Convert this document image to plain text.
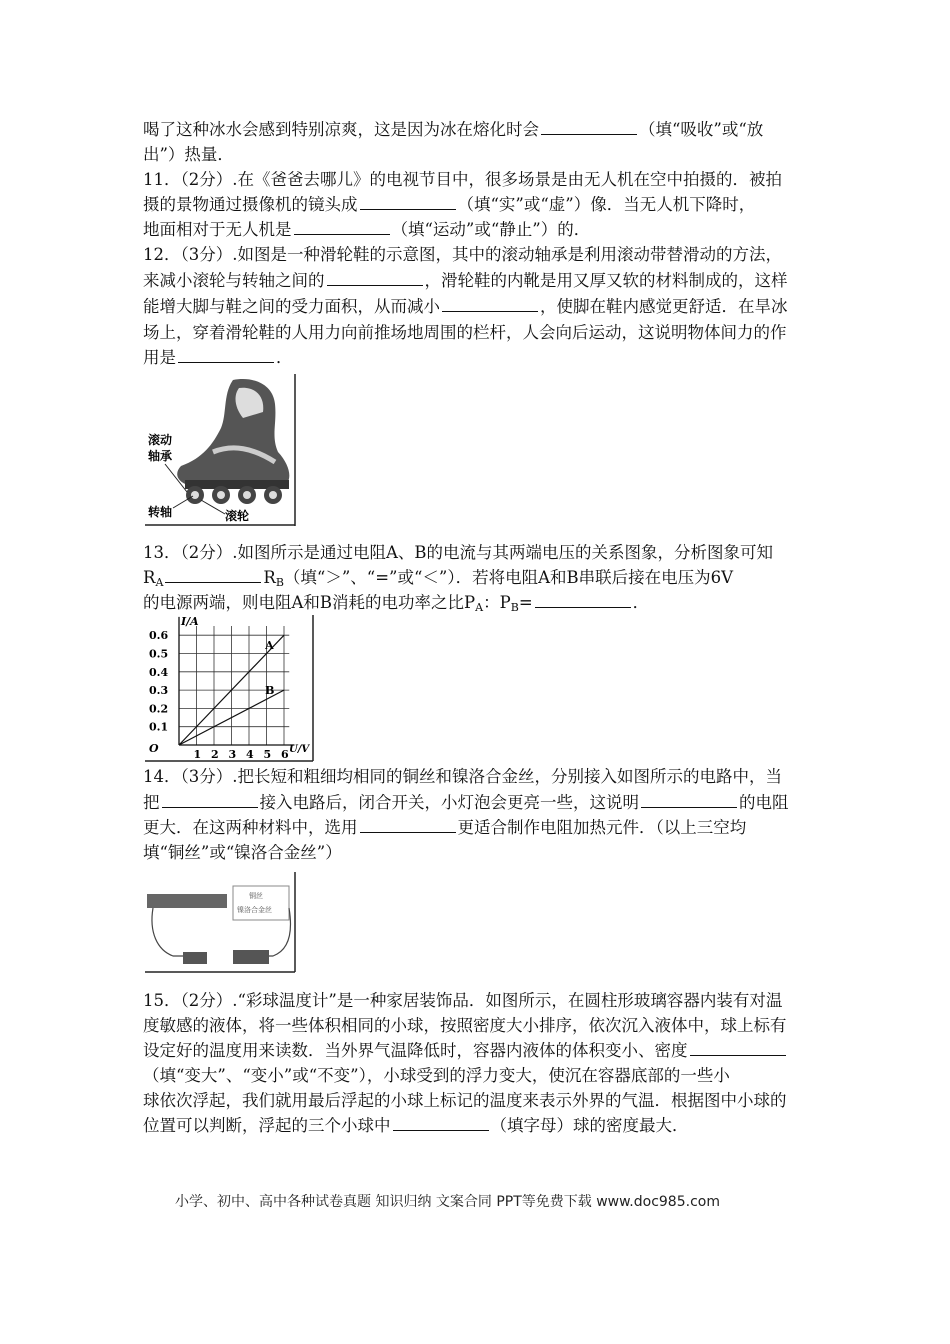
喝了这种冰水会感到特别凉爽，这是因为冰在熔化时会	（填“吸收”或“放
出”）热量．
11．（2分）.在《爸爸去哪儿》的电视节目中，很多场景是由无人机在空中拍摄的．被拍
摄的景物通过摄像机的镜头成	（填“实”或“虚”）像．当无人机下降时，
地面相对于无人机是	（填“运动”或“静止”）的．
12．（3分）.如图是一种滑轮鞋的示意图，其中的滚动轴承是利用滚动带替滑动的方法，
来减小滚轮与转轴之间的	，滑轮鞋的内靴是用又厚又软的材料制成的，这样
能增大脚与鞋之间的受力面积，从而减小	，使脚在鞋内感觉更舒适．在旱冰
场上，穿着滑轮鞋的人用力向前推场地周围的栏杆，人会向后运动，这说明物体间力的作
用是	．
滚动
轴承
转轴	滚轮
13．（2分）.如图所示是通过电阻A、B的电流与其两端电压的关系图象，分析图象可知
$R_A$	$R_B$（填“＞”、“=”或“＜”）．若将电阻A和B串联后接在电压为6V
的电源两端，则电阻A和B消耗的电功率之比$P_A$：$P_B=$	．
0.6
0.5
0.4
0.3
0.2
0.1
1 2 3 4 5 6
A
B
I/A
U/V
O
14．（3分）.把长短和粗细均相同的铜丝和镍洛合金丝，分别接入如图所示的电路中，当
把	接入电路后，闭合开关，小灯泡会更亮一些，这说明	的电阻
更大．在这两种材料中，选用	更适合制作电阻加热元件．（以上三空均
填“铜丝”或“镍洛合金丝”）
铜丝
镍洛合金丝
15．（2分）.“彩球温度计”是一种家居装饰品．如图所示，在圆柱形玻璃容器内装有对温
度敏感的液体，将一些体积相同的小球，按照密度大小排序，依次沉入液体中，球上标有
设定好的温度用来读数．当外界气温降低时，容器内液体的体积变小、密度
（填“变大”、“变小”或“不变”），小球受到的浮力变大，使沉在容器底部的一些小
球依次浮起，我们就用最后浮起的小球上标记的温度来表示外界的气温．根据图中小球的
位置可以判断，浮起的三个小球中	（填字母）球的密度最大．
小学、初中、高中各种试卷真题 知识归纳 文案合同 PPT等免费下载 www.doc985.com
